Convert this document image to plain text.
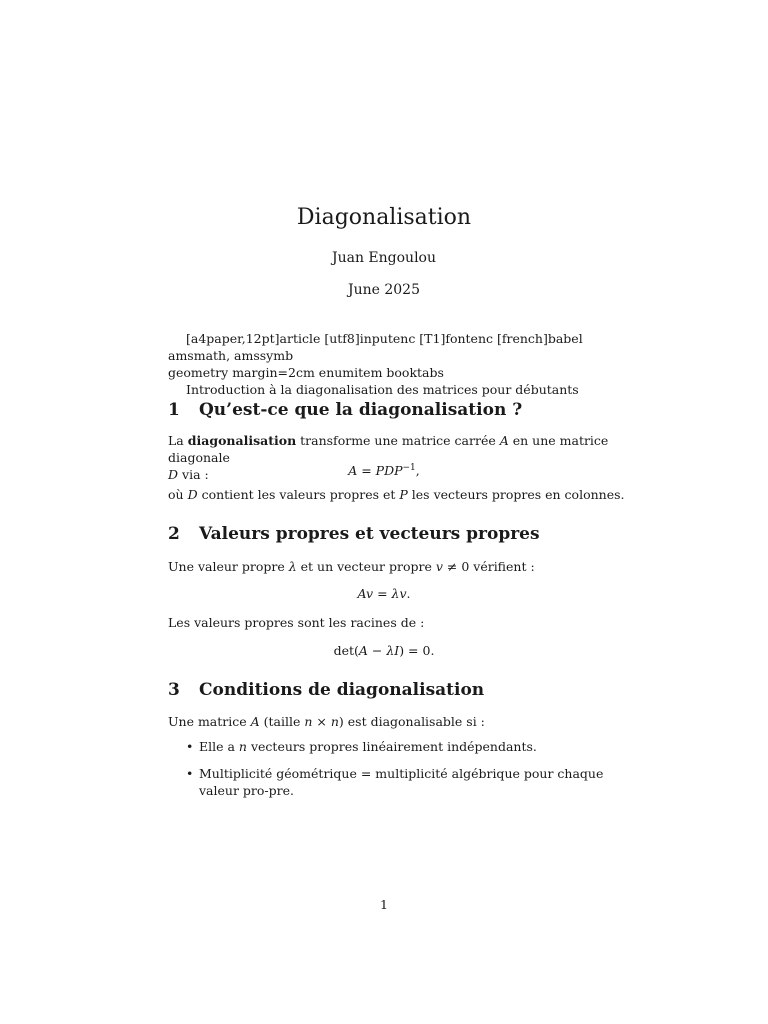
Diagonalisation
Juan Engoulou
June 2025
[a4paper,12pt]article [utf8]inputenc [T1]fontenc [french]babel amsmath, amssymb
geometry margin=2cm enumitem booktabs
Introduction à la diagonalisation des matrices pour débutants
1 Qu’est-ce que la diagonalisation ?
La diagonalisation transforme une matrice carrée A en une matrice diagonale
D via :	$A = PDP^{-1}$,
où D contient les valeurs propres et P les vecteurs propres en colonnes.
2 Valeurs propres et vecteurs propres
Une valeur propre λ et un vecteur propre v ≠ 0 vérifient :
Av = λv.
Les valeurs propres sont les racines de :
det(A − λI) = 0.
3 Conditions de diagonalisation
Une matrice A (taille n × n) est diagonalisable si :
• Elle a n vecteurs propres linéairement indépendants.
• Multiplicité géométrique = multiplicité algébrique pour chaque valeur pro-pre.
1
